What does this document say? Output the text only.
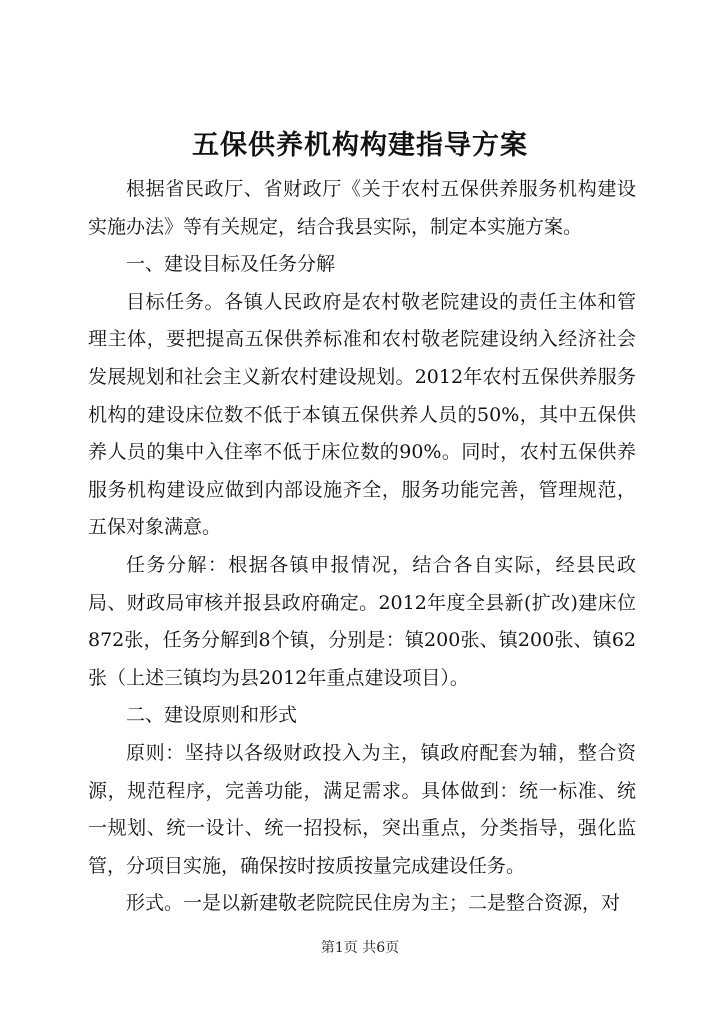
五保供养机构构建指导方案

根据省民政厅、省财政厅《关于农村五保供养服务机构建设实施办法》等有关规定，结合我县实际，制定本实施方案。

一、建设目标及任务分解

目标任务。各镇人民政府是农村敬老院建设的责任主体和管理主体，要把提高五保供养标准和农村敬老院建设纳入经济社会发展规划和社会主义新农村建设规划。2012年农村五保供养服务机构的建设床位数不低于本镇五保供养人员的50%，其中五保供养人员的集中入住率不低于床位数的90%。同时，农村五保供养服务机构建设应做到内部设施齐全，服务功能完善，管理规范，五保对象满意。

任务分解：根据各镇申报情况，结合各自实际，经县民政局、财政局审核并报县政府确定。2012年度全县新(扩改)建床位872张，任务分解到8个镇，分别是：镇200张、镇200张、镇62张（上述三镇均为县2012年重点建设项目）。

二、建设原则和形式

原则：坚持以各级财政投入为主，镇政府配套为辅，整合资源，规范程序，完善功能，满足需求。具体做到：统一标准、统一规划、统一设计、统一招投标，突出重点，分类指导，强化监管，分项目实施，确保按时按质按量完成建设任务。

形式。一是以新建敬老院院民住房为主；二是整合资源，对

第1页 共6页
